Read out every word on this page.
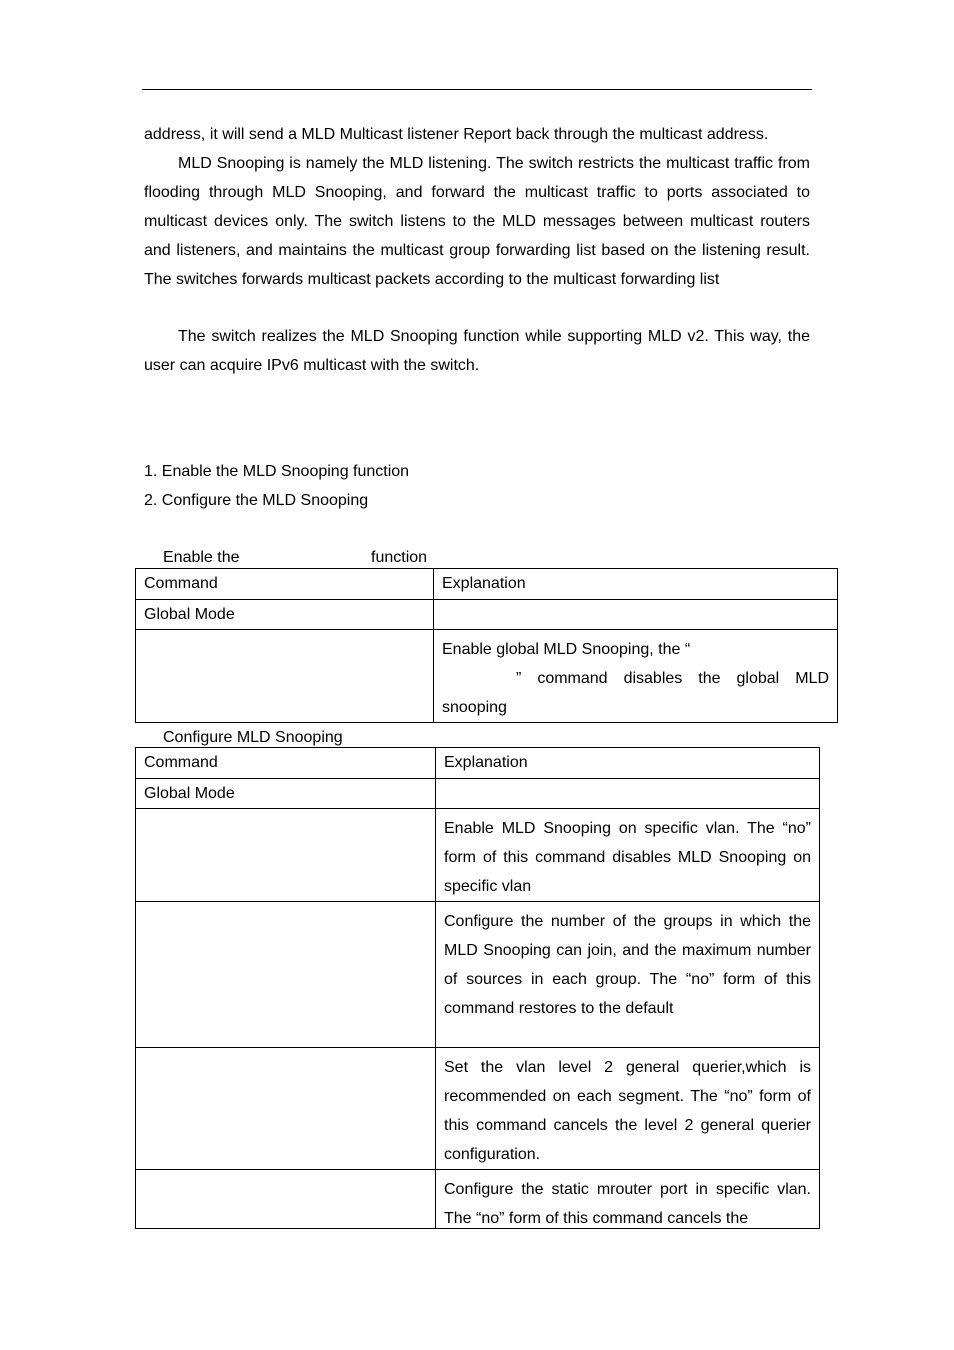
address, it will send a MLD Multicast listener Report back through the multicast address.

MLD Snooping is namely the MLD listening. The switch restricts the multicast traffic from flooding through MLD Snooping, and forward the multicast traffic to ports associated to multicast devices only. The switch listens to the MLD messages between multicast routers and listeners, and maintains the multicast group forwarding list based on the listening result. The switches forwards multicast packets according to the multicast forwarding list

The switch realizes the MLD Snooping function while supporting MLD v2. This way, the user can acquire IPv6 multicast with the switch.

1. Enable the MLD Snooping function

2. Configure the MLD Snooping

Enable the	function
Command	Explanation
Global Mode	

	Enable global MLD Snooping, the “
” command disables the global MLD snooping
Configure MLD Snooping
Command	Explanation
Global Mode	
	Enable MLD Snooping on specific vlan. The “no” form of this command disables MLD Snooping on specific vlan
	Configure the number of the groups in which the MLD Snooping can join, and the maximum number of sources in each group. The “no” form of this command restores to the default
	Set the vlan level 2 general querier,which is recommended on each segment. The “no” form of this command cancels the level 2 general querier configuration.

	Configure the static mrouter port in specific vlan. The “no” form of this command cancels the
